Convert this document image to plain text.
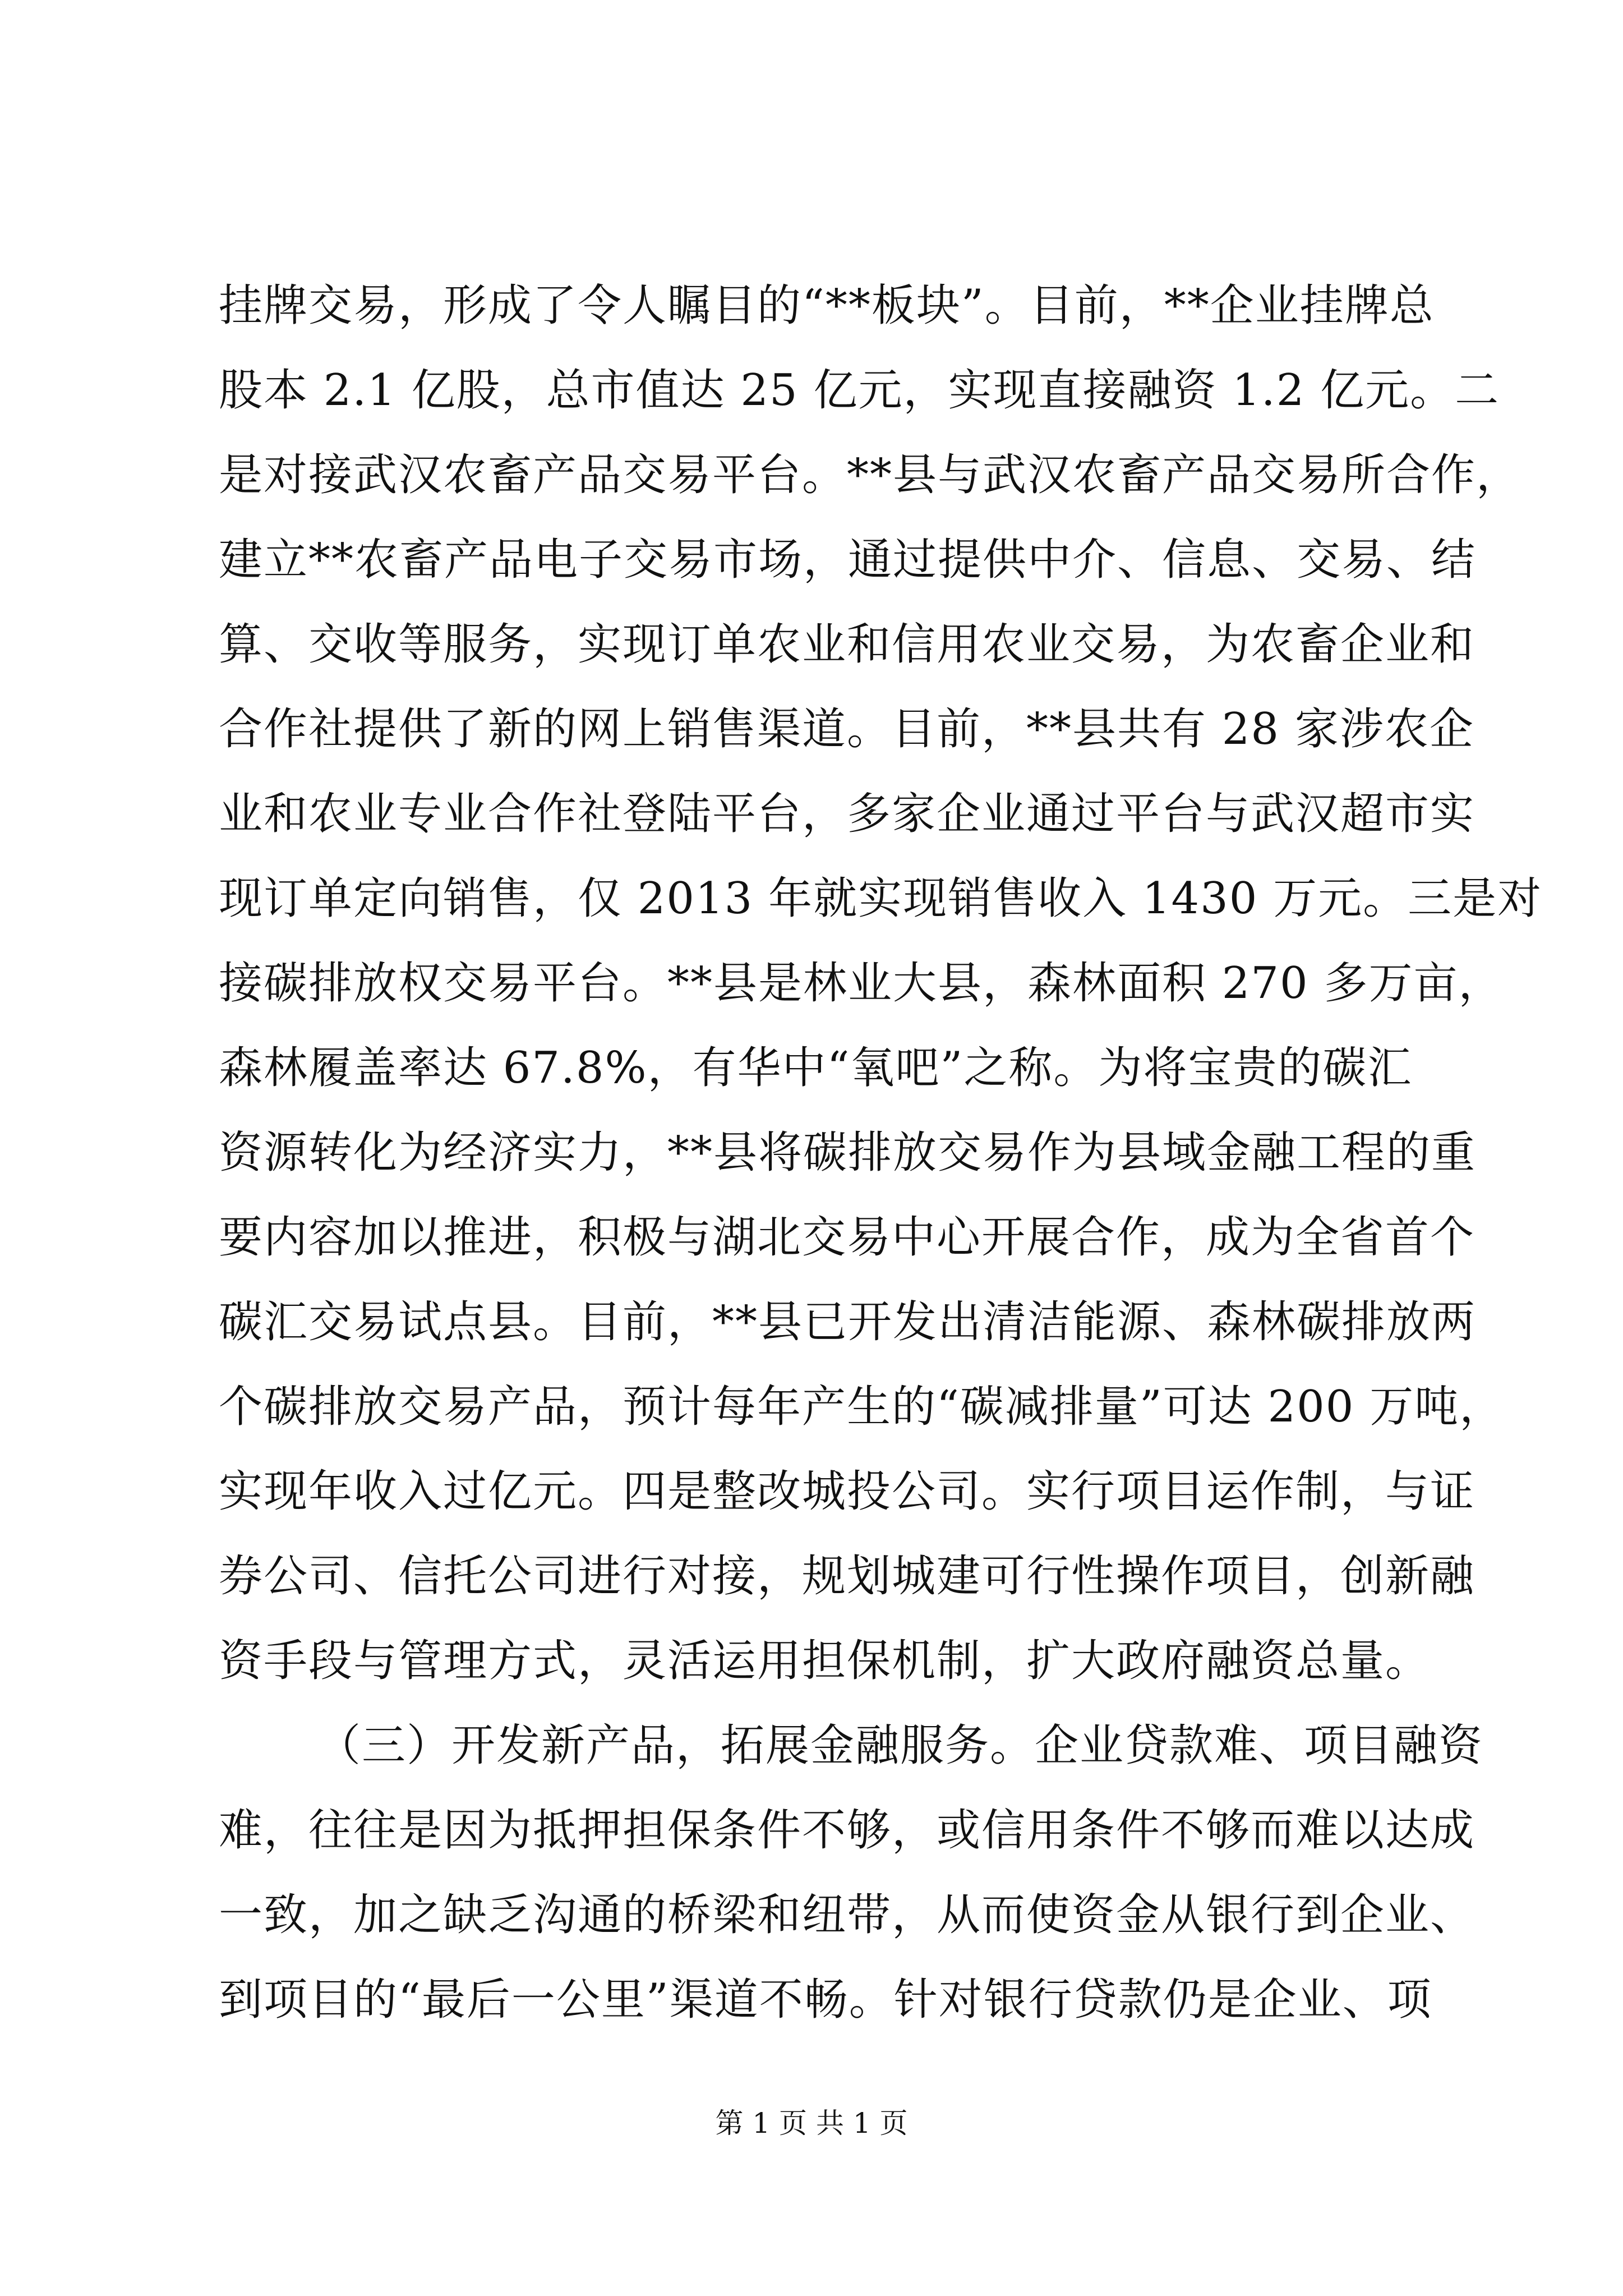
挂牌交易，形成了令人瞩目的“**板块”。目前，**企业挂牌总
股本 2.1 亿股，总市值达 25 亿元，实现直接融资 1.2 亿元。二
是对接武汉农畜产品交易平台。**县与武汉农畜产品交易所合作，
建立**农畜产品电子交易市场，通过提供中介、信息、交易、结
算、交收等服务，实现订单农业和信用农业交易，为农畜企业和
合作社提供了新的网上销售渠道。目前，**县共有 28 家涉农企
业和农业专业合作社登陆平台，多家企业通过平台与武汉超市实
现订单定向销售，仅 2013 年就实现销售收入 1430 万元。三是对
接碳排放权交易平台。**县是林业大县，森林面积 270 多万亩，
森林履盖率达 67.8%，有华中“氧吧”之称。为将宝贵的碳汇
资源转化为经济实力，**县将碳排放交易作为县域金融工程的重
要内容加以推进，积极与湖北交易中心开展合作，成为全省首个
碳汇交易试点县。目前，**县已开发出清洁能源、森林碳排放两
个碳排放交易产品，预计每年产生的“碳减排量”可达 200 万吨，
实现年收入过亿元。四是整改城投公司。实行项目运作制，与证
券公司、信托公司进行对接，规划城建可行性操作项目，创新融
资手段与管理方式，灵活运用担保机制，扩大政府融资总量。
（三）开发新产品，拓展金融服务。企业贷款难、项目融资
难，往往是因为抵押担保条件不够，或信用条件不够而难以达成
一致，加之缺乏沟通的桥梁和纽带，从而使资金从银行到企业、
到项目的“最后一公里”渠道不畅。针对银行贷款仍是企业、项
第 1 页 共 1 页
